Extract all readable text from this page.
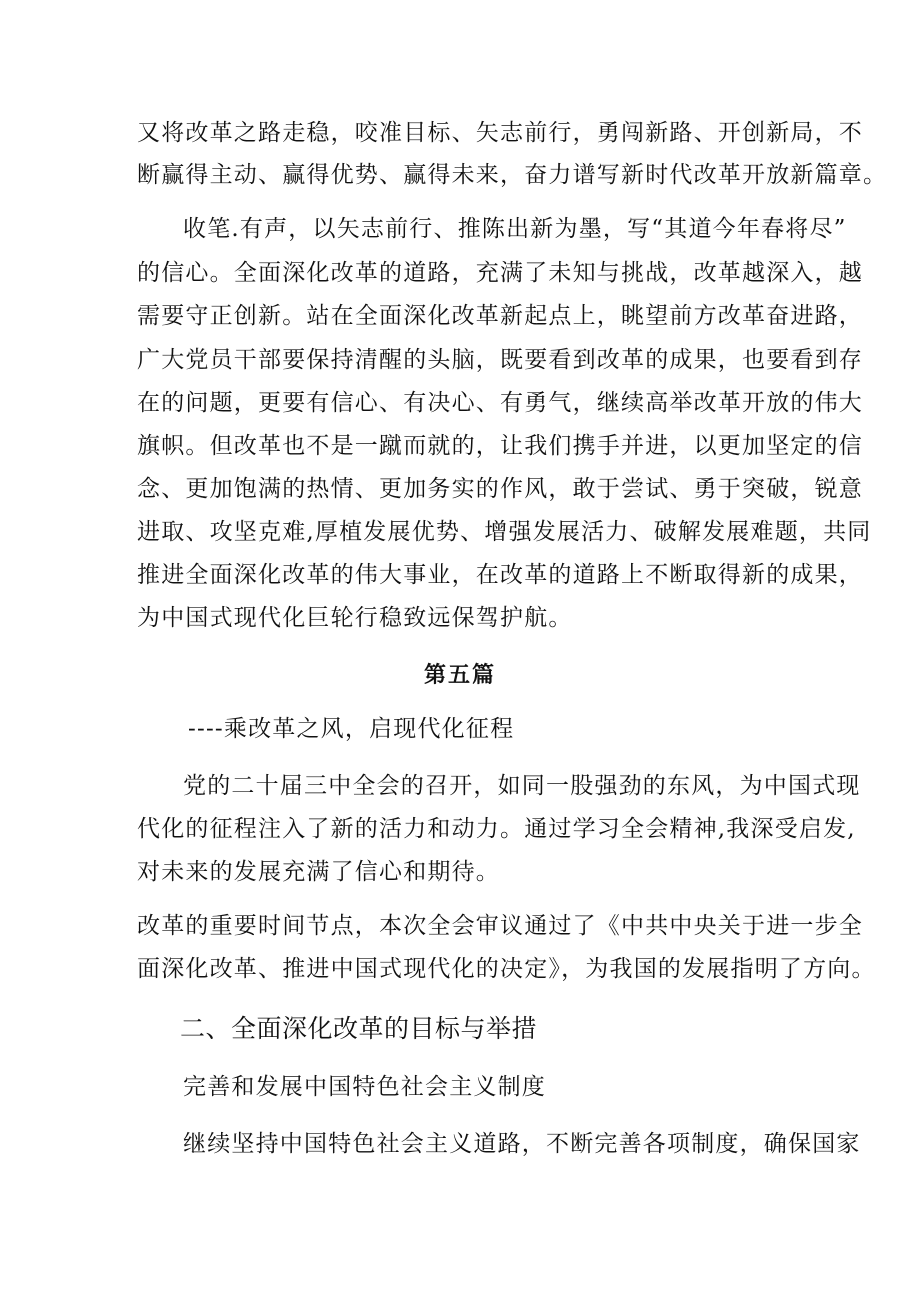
又将改革之路走稳，咬准目标、矢志前行，勇闯新路、开创新局，不
断赢得主动、赢得优势、赢得未来，奋力谱写新时代改革开放新篇章。
收笔.有声，以矢志前行、推陈出新为墨，写“其道今年春将尽”
的信心。全面深化改革的道路，充满了未知与挑战，改革越深入，越
需要守正创新。站在全面深化改革新起点上，眺望前方改革奋进路，
广大党员干部要保持清醒的头脑，既要看到改革的成果，也要看到存
在的问题，更要有信心、有决心、有勇气，继续高举改革开放的伟大
旗帜。但改革也不是一蹴而就的，让我们携手并进，以更加坚定的信
念、更加饱满的热情、更加务实的作风，敢于尝试、勇于突破，锐意
进取、攻坚克难,厚植发展优势、增强发展活力、破解发展难题，共同
推进全面深化改革的伟大事业，在改革的道路上不断取得新的成果，
为中国式现代化巨轮行稳致远保驾护航。
第五篇
----乘改革之风，启现代化征程
党的二十届三中全会的召开，如同一股强劲的东风，为中国式现
代化的征程注入了新的活力和动力。通过学习全会精神,我深受启发,
对未来的发展充满了信心和期待。
改革的重要时间节点，本次全会审议通过了《中共中央关于进一步全
面深化改革、推进中国式现代化的决定》，为我国的发展指明了方向。
二、全面深化改革的目标与举措
完善和发展中国特色社会主义制度
继续坚持中国特色社会主义道路，不断完善各项制度，确保国家
